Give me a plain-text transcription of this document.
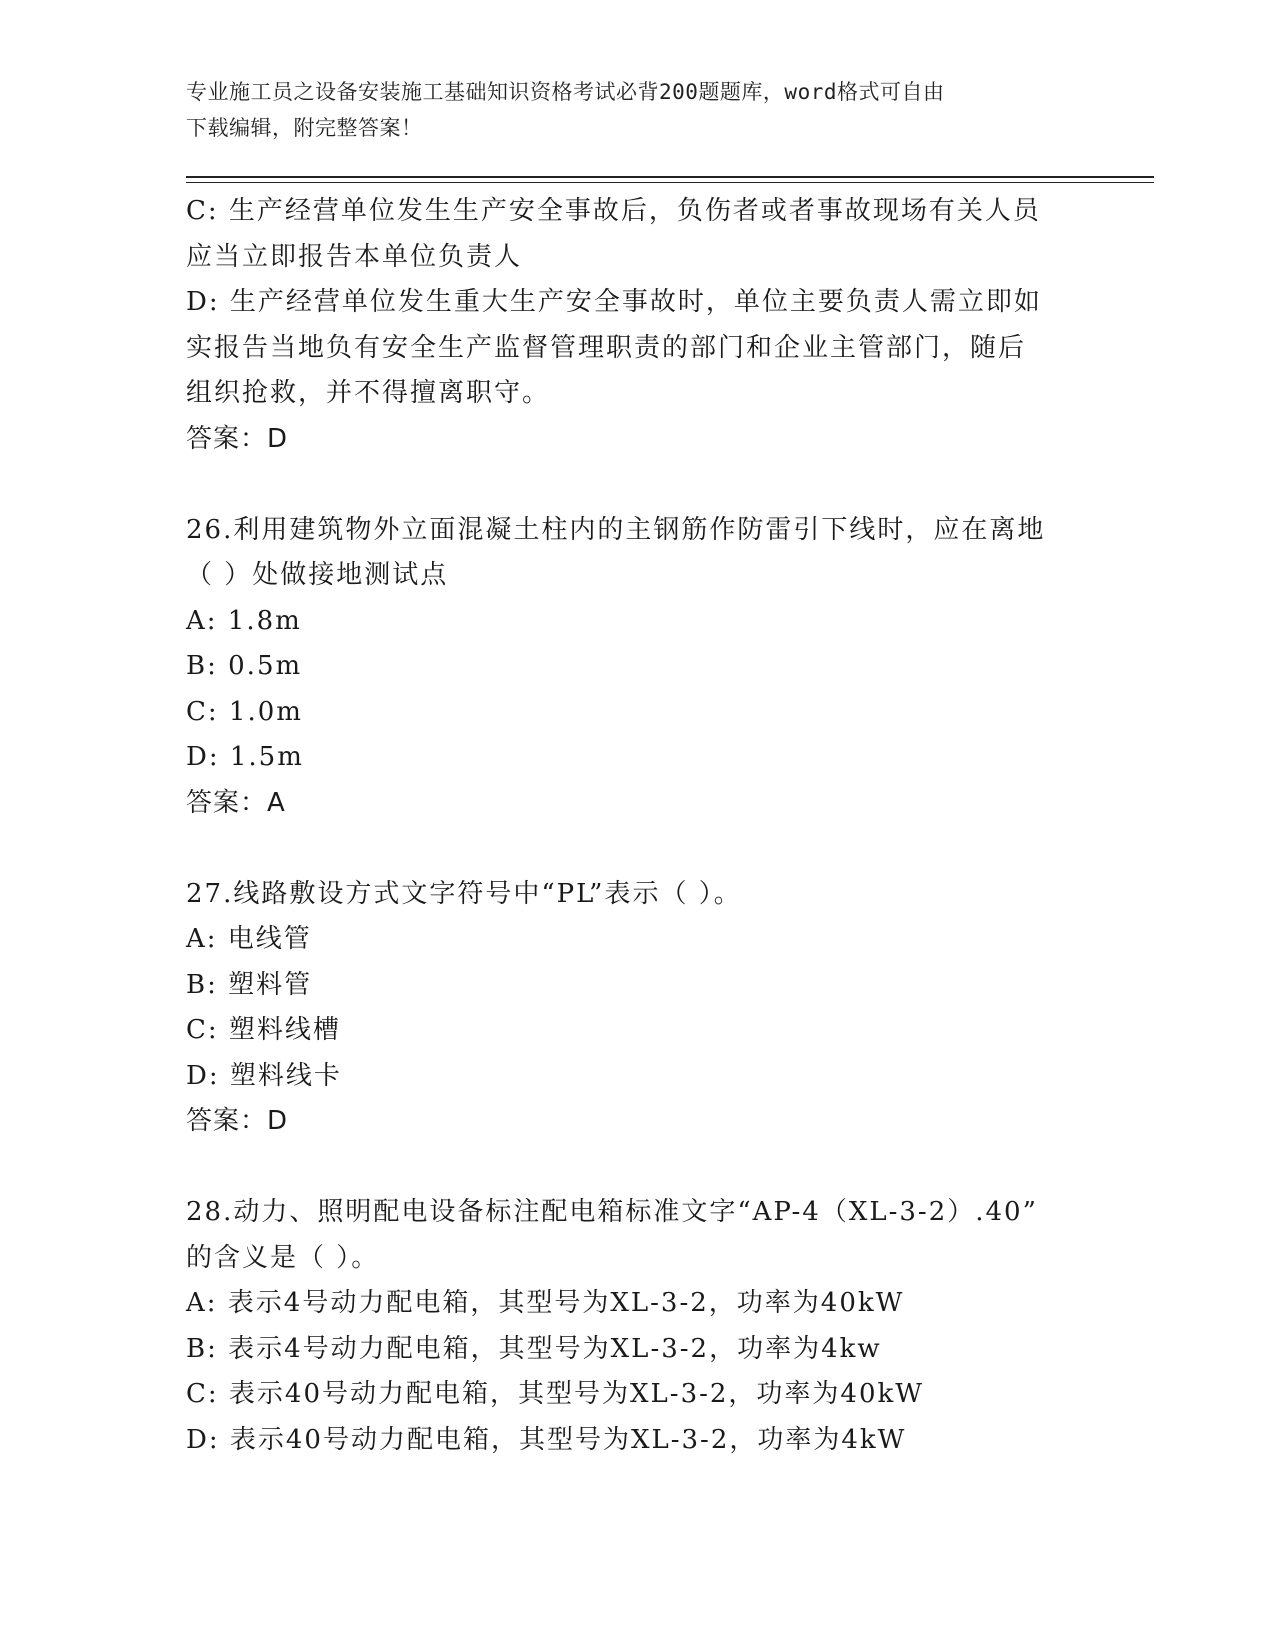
专业施工员之设备安装施工基础知识资格考试必背200题题库，word格式可自由
下载编辑，附完整答案！
C: 生产经营单位发生生产安全事故后，负伤者或者事故现场有关人员
应当立即报告本单位负责人
D: 生产经营单位发生重大生产安全事故时，单位主要负责人需立即如
实报告当地负有安全生产监督管理职责的部门和企业主管部门，随后
组织抢救，并不得擅离职守。
答案：D
26.利用建筑物外立面混凝土柱内的主钢筋作防雷引下线时，应在离地
（ ）处做接地测试点
A: 1.8m
B: 0.5m
C: 1.0m
D: 1.5m
答案：A
27.线路敷设方式文字符号中“PL”表示（ ）。
A: 电线管
B: 塑料管
C: 塑料线槽
D: 塑料线卡
答案：D
28.动力、照明配电设备标注配电箱标准文字“AP-4（XL-3-2）.40”
的含义是（ ）。
A: 表示4号动力配电箱，其型号为XL-3-2，功率为40kW
B: 表示4号动力配电箱，其型号为XL-3-2，功率为4kw
C: 表示40号动力配电箱，其型号为XL-3-2，功率为40kW
D: 表示40号动力配电箱，其型号为XL-3-2，功率为4kW
